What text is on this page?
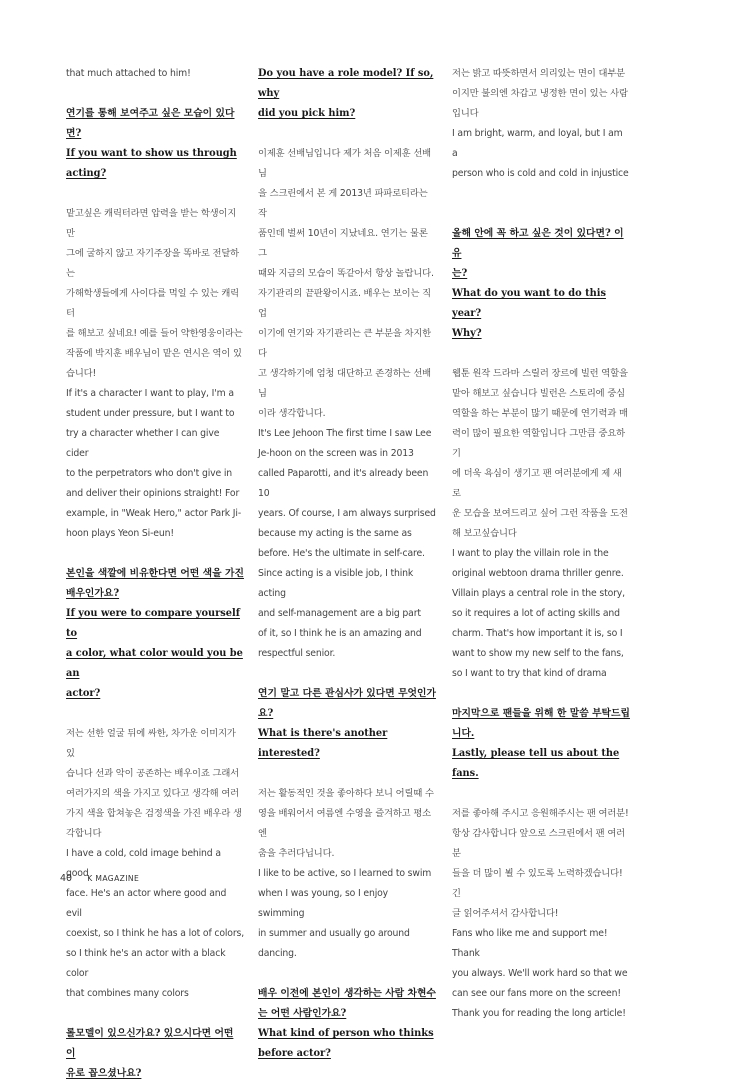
that much attached to him!
연기를 통해 보여주고 싶은 모습이 있다면?
If you want to show us through
acting?
맡고싶은 캐릭터라면 압력을 받는 학생이지만
그에 굴하지 않고 자기주장을 똑바로 전달하는
가해학생들에게 사이다를 먹일 수 있는 캐릭터
를 해보고 싶네요! 예를 들어 약한영웅이라는
작품에 박지훈 배우님이 맡은 연시은 역이 있
습니다!
If it's a character I want to play, I'm a
student under pressure, but I want to
try a character whether I can give cider
to the perpetrators who don't give in
and deliver their opinions straight! For
example, in "Weak Hero," actor Park Ji-
hoon plays Yeon Si-eun!
본인을 색깔에 비유한다면 어떤 색을 가진
배우인가요?
If you were to compare yourself to
a color, what color would you be an
actor?
저는 선한 얼굴 뒤에 싸한, 차가운 이미지가 있
습니다 선과 악이 공존하는 배우이죠 그래서
여러가지의 색을 가지고 있다고 생각해 여러
가지 색을 합쳐놓은 검정색을 가진 배우라 생
각합니다
I have a cold, cold image behind a good
face. He's an actor where good and evil
coexist, so I think he has a lot of colors,
so I think he's an actor with a black color
that combines many colors
롤모델이 있으신가요? 있으시다면 어떤 이
유로 꼽으셨나요?
Do you have a role model? If so, why
did you pick him?
이제훈 선배님입니다 제가 처음 이제훈 선배님
을 스크린에서 본 게 2013년 파파로티라는 작
품인데 벌써 10년이 지났네요. 연기는 물론 그
때와 지금의 모습이 똑같아서 항상 놀랍니다.
자기관리의 끝판왕이시죠. 배우는 보이는 직업
이기에 연기와 자기관리는 큰 부분을 차지한다
고 생각하기에 엄청 대단하고 존경하는 선배님
이라 생각합니다.
It's Lee Jehoon The first time I saw Lee
Je-hoon on the screen was in 2013
called Paparotti, and it's already been 10
years. Of course, I am always surprised
because my acting is the same as
before. He's the ultimate in self-care.
Since acting is a visible job, I think acting
and self-management are a big part
of it, so I think he is an amazing and
respectful senior.
연기 말고 다른 관심사가 있다면 무엇인가
요?
What is there's another interested?
저는 활동적인 것을 좋아하다 보니 어릴때 수
영을 배워어서 여름엔 수영을 즐겨하고 평소엔
춤을 추러다닙니다.
I like to be active, so I learned to swim
when I was young, so I enjoy swimming
in summer and usually go around
dancing.
배우 이전에 본인이 생각하는 사람 차현수
는 어떤 사람인가요?
What kind of person who thinks
before actor?
저는 밝고 따뜻하면서 의리있는 면이 대부분
이지만 불의엔 차갑고 냉정한 면이 있는 사람
입니다
I am bright, warm, and loyal, but I am a
person who is cold and cold in injustice
올해 안에 꼭 하고 싶은 것이 있다면? 이유
는?
What do you want to do this year?
Why?
웹툰 원작 드라마 스릴러 장르에 빌런 역할을
맡아 해보고 싶습니다 빌런은 스토리에 중심
역할을 하는 부분이 많기 때문에 연기력과 매
력이 많이 필요한 역할입니다 그만큼 중요하기
에 더욱 욕심이 생기고 팬 여러분에게 제 새로
운 모습을 보여드리고 싶어 그런 작품을 도전
해 보고싶습니다
I want to play the villain role in the
original webtoon drama thriller genre.
Villain plays a central role in the story,
so it requires a lot of acting skills and
charm. That's how important it is, so I
want to show my new self to the fans,
so I want to try that kind of drama
마지막으로 팬들을 위해 한 말씀 부탁드립
니다.
Lastly, please tell us about the fans.
저를 좋아해 주시고 응원해주시는 팬 여러분!
항상 감사합니다 앞으로 스크린에서 팬 여러분
들을 더 많이 뵐 수 있도록 노력하겠습니다! 긴
글 읽어주셔서 감사합니다!
Fans who like me and support me! Thank
you always. We'll work hard so that we
can see our fans more on the screen!
Thank you for reading the long article!
40 K MAGAZINE
